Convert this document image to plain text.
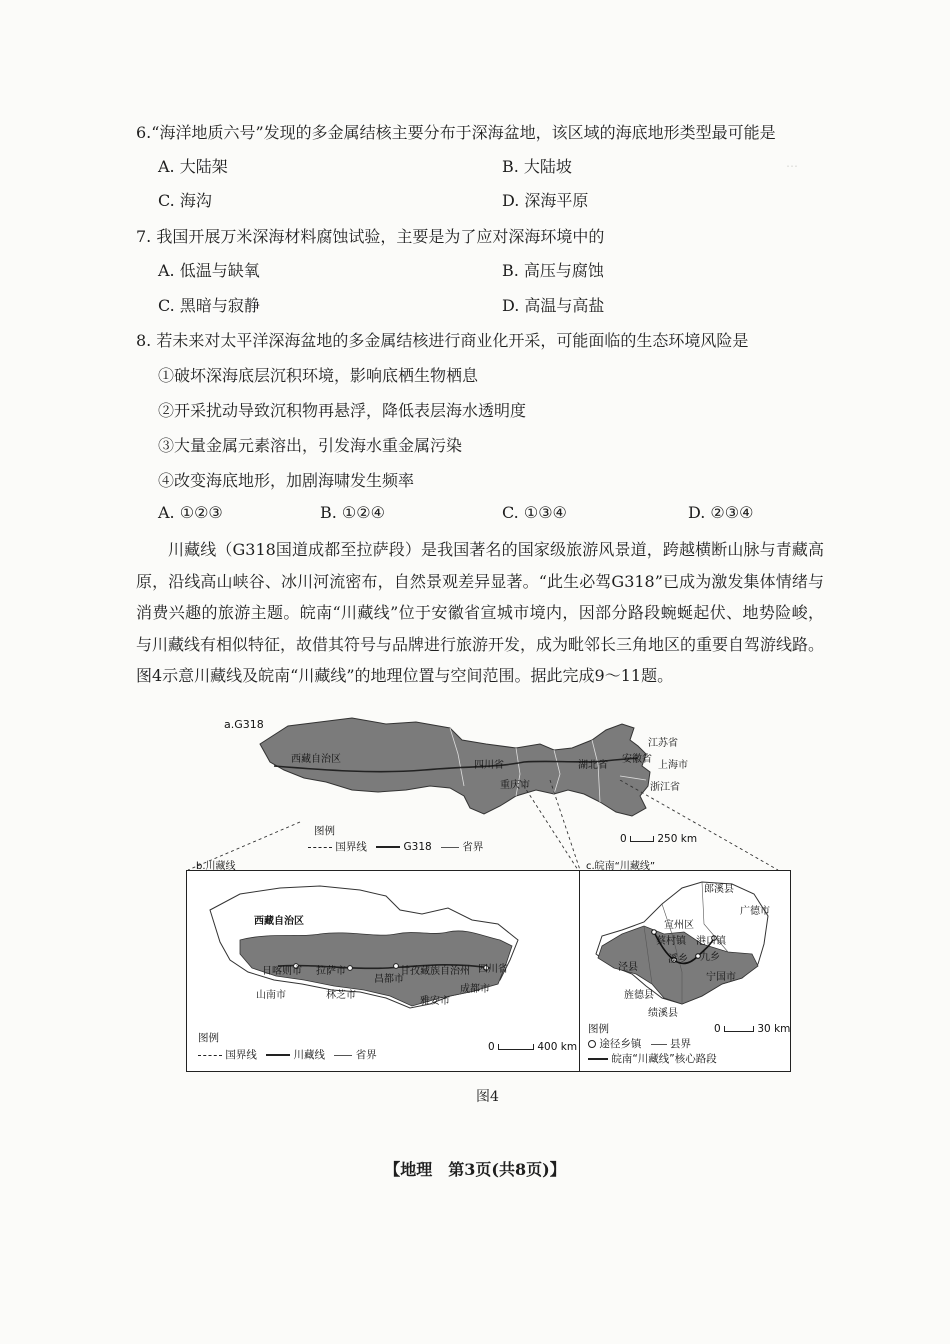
…
6.“海洋地质六号”发现的多金属结核主要分布于深海盆地，该区域的海底地形类型最可能是
A. 大陆架	B. 大陆坡
C. 海沟	D. 深海平原
7. 我国开展万米深海材料腐蚀试验，主要是为了应对深海环境中的
A. 低温与缺氧	B. 高压与腐蚀
C. 黑暗与寂静	D. 高温与高盐
8. 若未来对太平洋深海盆地的多金属结核进行商业化开采，可能面临的生态环境风险是
①破坏深海底层沉积环境，影响底栖生物栖息
②开采扰动导致沉积物再悬浮，降低表层海水透明度
③大量金属元素溶出，引发海水重金属污染
④改变海底地形，加剧海啸发生频率
A. ①②③	B. ①②④	C. ①③④	D. ②③④
川藏线（G318国道成都至拉萨段）是我国著名的国家级旅游风景道，跨越横断山脉与青藏高原，沿线高山峡谷、冰川河流密布，自然景观差异显著。“此生必驾G318”已成为激发集体情绪与消费兴趣的旅游主题。皖南“川藏线”位于安徽省宣城市境内，因部分路段蜿蜒起伏、地势险峻，与川藏线有相似特征，故借其符号与品牌进行旅游开发，成为毗邻长三角地区的重要自驾游线路。图4示意川藏线及皖南“川藏线”的地理位置与空间范围。据此完成9～11题。
a.G318
西藏自治区
四川省
重庆市
湖北省
安徽省
江苏省
上海市
浙江省
图例
国界线	G318	省界
0	250 km
b.川藏线
西藏自治区
四川省
日喀则市 拉萨市
昌都市
甘孜藏族自治州
山南市	林芝市
雅安市
成都市
图例
国界线	川藏线	省界
0	400 km
c.皖南“川藏线”
郎溪县
广德市
宣州区
蔡村镇 港口镇
泾县
溪乡 九乡
宁国市
旌德县
绩溪县
图例
途径乡镇	县界
皖南“川藏线”核心路段
0	30 km
图4
【地理　第3页(共8页)】
